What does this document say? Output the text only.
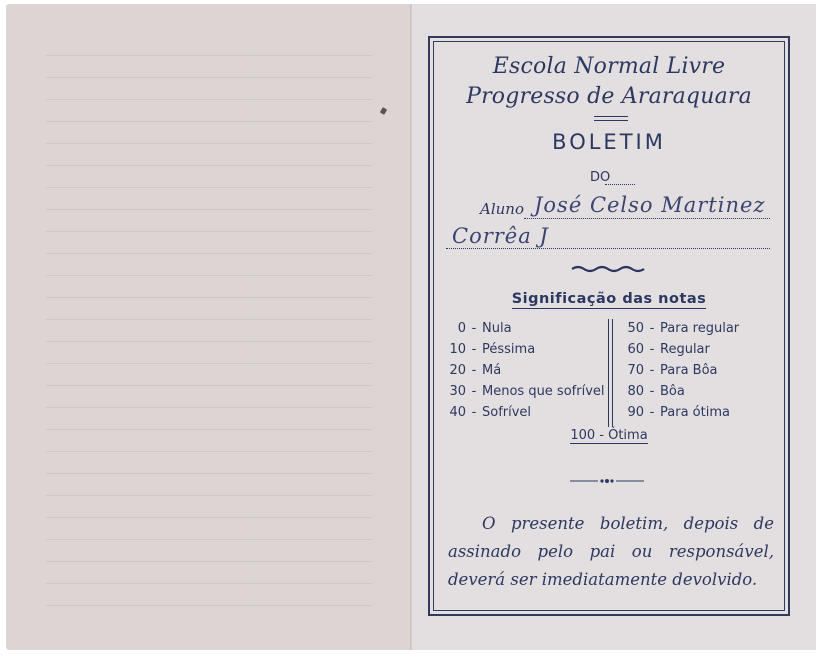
Escola Normal Livre Progresso de Araraquara
BOLETIM
DO
Aluno José Celso Martinez
Corrêa J
Significação das notas
0 - Nula
10 - Péssima
20 - Má
30 - Menos que sofrível
40 - Sofrível
50 - Para regular
60 - Regular
70 - Para Bôa
80 - Bôa
90 - Para ótima
100 - Ótima
O presente boletim, depois de assinado pelo pai ou responsável, deverá ser imediatamente devolvido.
